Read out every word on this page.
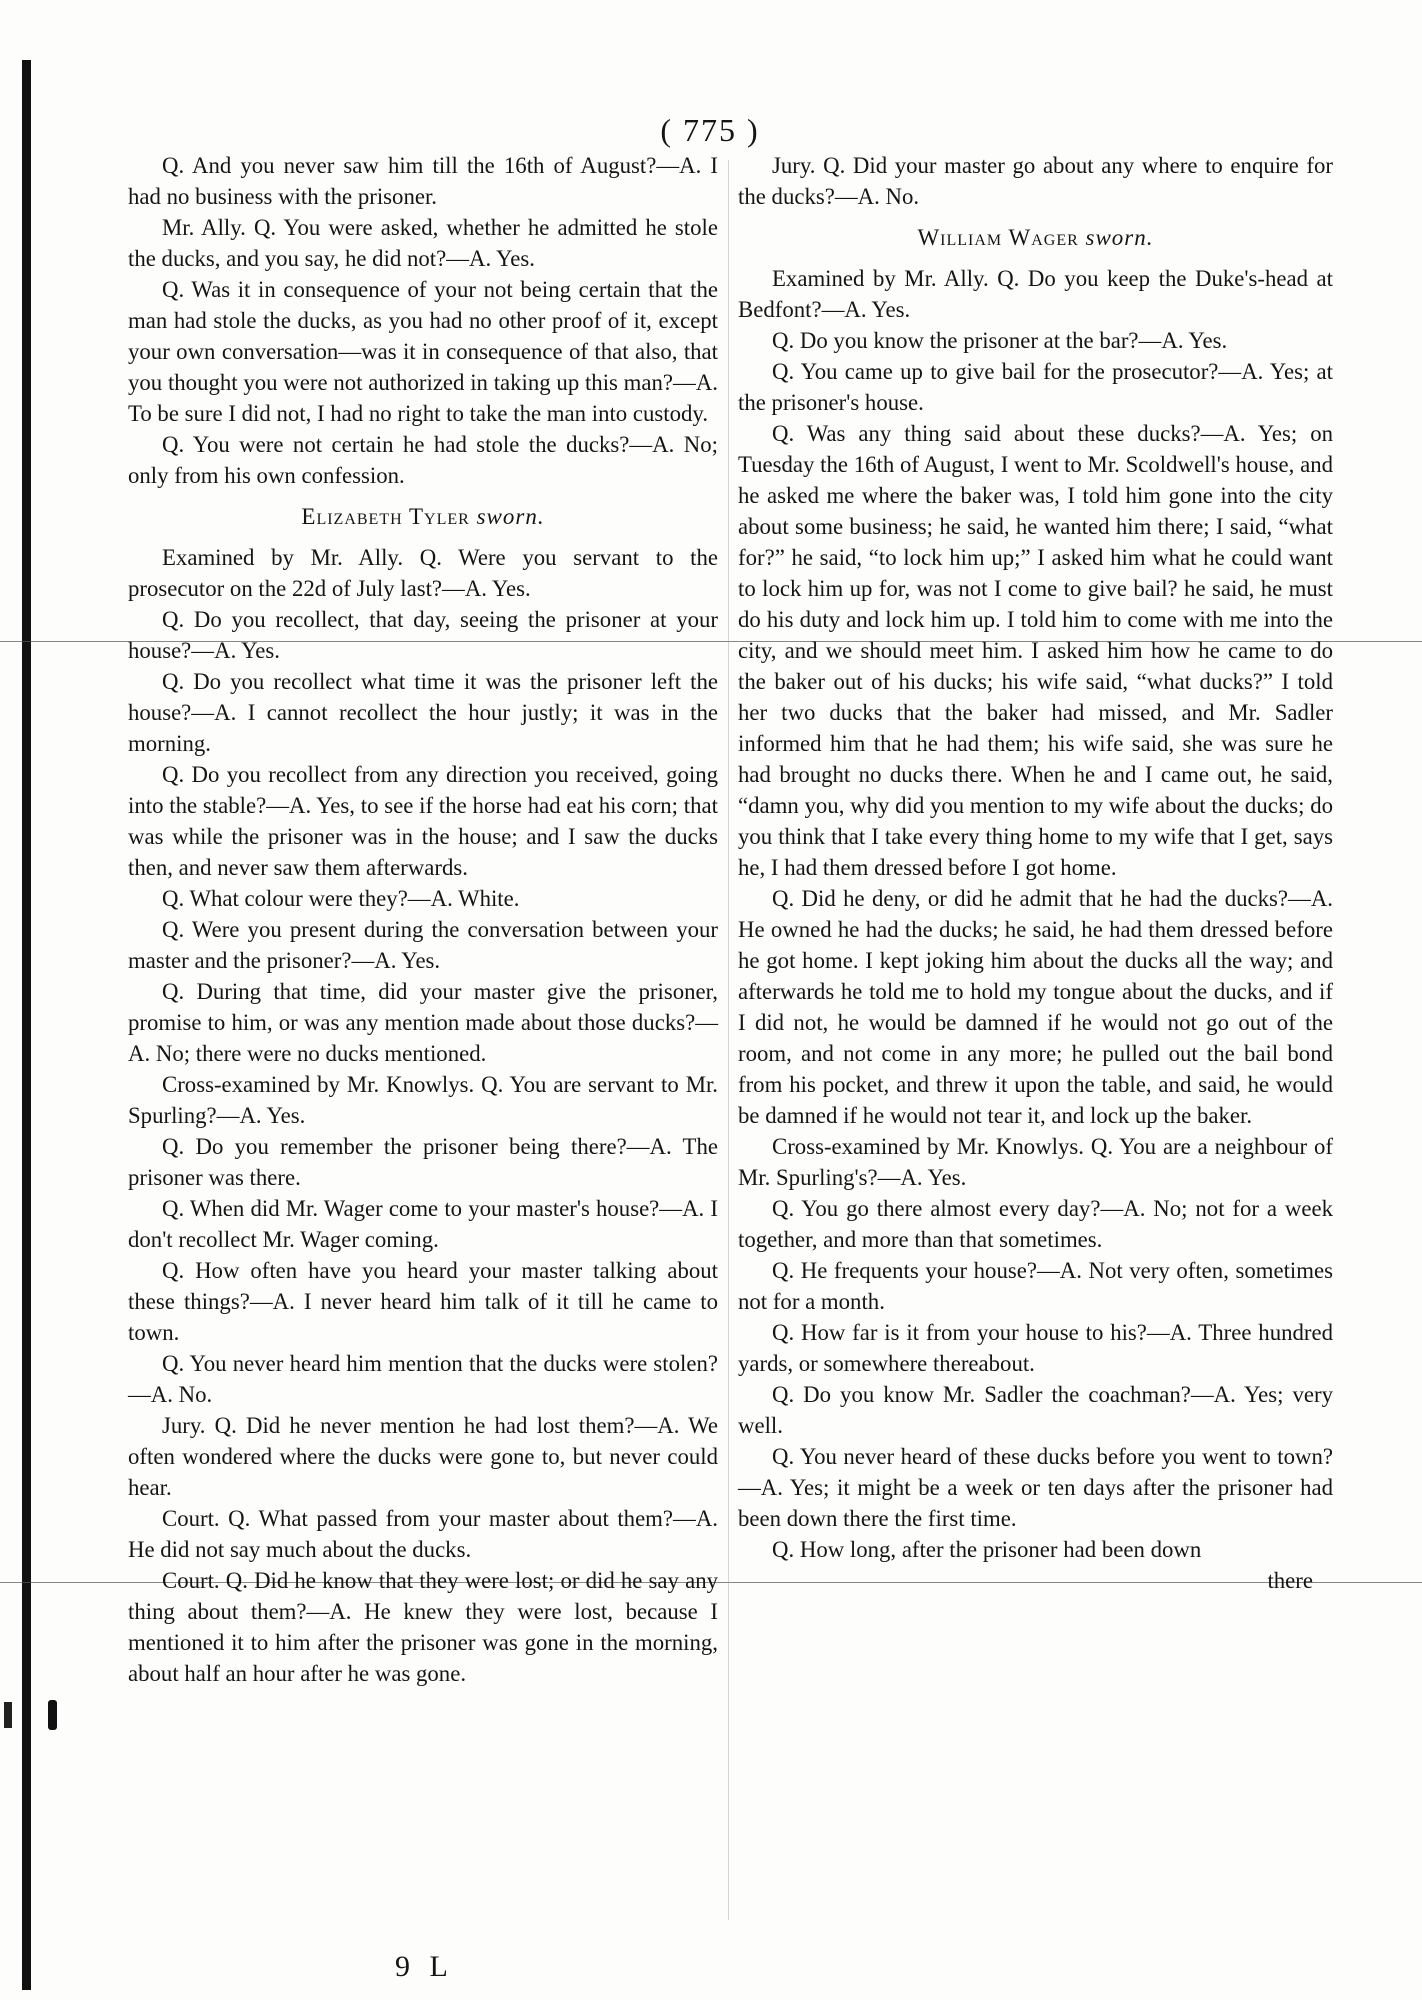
( 775 )

Q. And you never saw him till the 16th of August?—A. I had no business with the prisoner.

Mr. Ally. Q. You were asked, whether he admitted he stole the ducks, and you say, he did not?—A. Yes.

Q. Was it in consequence of your not being certain that the man had stole the ducks, as you had no other proof of it, except your own conversation—was it in consequence of that also, that you thought you were not authorized in taking up this man?—A. To be sure I did not, I had no right to take the man into custody.

Q. You were not certain he had stole the ducks?—A. No; only from his own confession.

Elizabeth Tyler sworn.

Examined by Mr. Ally. Q. Were you servant to the prosecutor on the 22d of July last?—A. Yes.

Q. Do you recollect, that day, seeing the prisoner at your house?—A. Yes.

Q. Do you recollect what time it was the prisoner left the house?—A. I cannot recollect the hour justly; it was in the morning.

Q. Do you recollect from any direction you received, going into the stable?—A. Yes, to see if the horse had eat his corn; that was while the prisoner was in the house; and I saw the ducks then, and never saw them afterwards.

Q. What colour were they?—A. White.

Q. Were you present during the conversation between your master and the prisoner?—A. Yes.

Q. During that time, did your master give the prisoner, promise to him, or was any mention made about those ducks?—A. No; there were no ducks mentioned.

Cross-examined by Mr. Knowlys. Q. You are servant to Mr. Spurling?—A. Yes.

Q. Do you remember the prisoner being there?—A. The prisoner was there.

Q. When did Mr. Wager come to your master's house?—A. I don't recollect Mr. Wager coming.

Q. How often have you heard your master talking about these things?—A. I never heard him talk of it till he came to town.

Q. You never heard him mention that the ducks were stolen?—A. No.

Jury. Q. Did he never mention he had lost them?—A. We often wondered where the ducks were gone to, but never could hear.

Court. Q. What passed from your master about them?—A. He did not say much about the ducks.

Court. Q. Did he know that they were lost; or did he say any thing about them?—A. He knew they were lost, because I mentioned it to him after the prisoner was gone in the morning, about half an hour after he was gone.

Jury. Q. Did your master go about any where to enquire for the ducks?—A. No.

William Wager sworn.

Examined by Mr. Ally. Q. Do you keep the Duke's-head at Bedfont?—A. Yes.

Q. Do you know the prisoner at the bar?—A. Yes.

Q. You came up to give bail for the prosecutor?—A. Yes; at the prisoner's house.

Q. Was any thing said about these ducks?—A. Yes; on Tuesday the 16th of August, I went to Mr. Scoldwell's house, and he asked me where the baker was, I told him gone into the city about some business; he said, he wanted him there; I said, “what for?” he said, “to lock him up;” I asked him what he could want to lock him up for, was not I come to give bail? he said, he must do his duty and lock him up. I told him to come with me into the city, and we should meet him. I asked him how he came to do the baker out of his ducks; his wife said, “what ducks?” I told her two ducks that the baker had missed, and Mr. Sadler informed him that he had them; his wife said, she was sure he had brought no ducks there. When he and I came out, he said, “damn you, why did you mention to my wife about the ducks; do you think that I take every thing home to my wife that I get, says he, I had them dressed before I got home.

Q. Did he deny, or did he admit that he had the ducks?—A. He owned he had the ducks; he said, he had them dressed before he got home. I kept joking him about the ducks all the way; and afterwards he told me to hold my tongue about the ducks, and if I did not, he would be damned if he would not go out of the room, and not come in any more; he pulled out the bail bond from his pocket, and threw it upon the table, and said, he would be damned if he would not tear it, and lock up the baker.

Cross-examined by Mr. Knowlys. Q. You are a neighbour of Mr. Spurling's?—A. Yes.

Q. You go there almost every day?—A. No; not for a week together, and more than that sometimes.

Q. He frequents your house?—A. Not very often, sometimes not for a month.

Q. How far is it from your house to his?—A. Three hundred yards, or somewhere thereabout.

Q. Do you know Mr. Sadler the coachman?—A. Yes; very well.

Q. You never heard of these ducks before you went to town?—A. Yes; it might be a week or ten days after the prisoner had been down there the first time.

Q. How long, after the prisoner had been down

there

9 L
